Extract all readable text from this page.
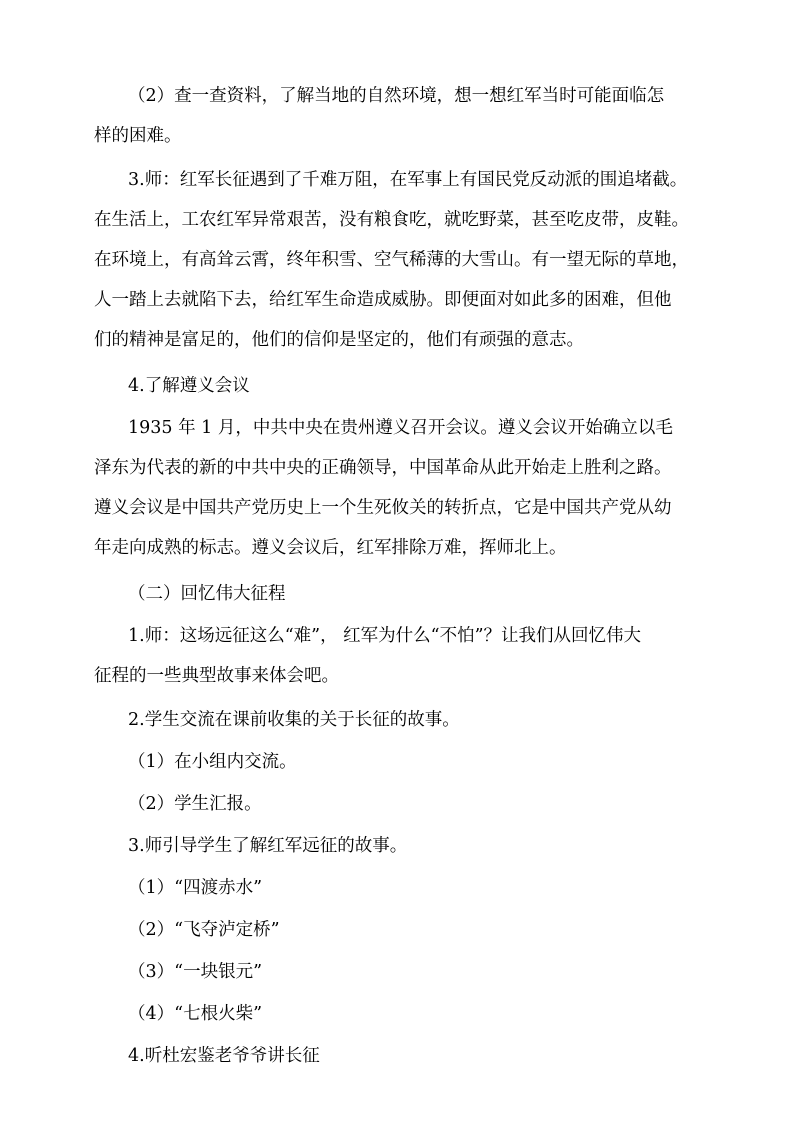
（2）查一查资料，了解当地的自然环境，想一想红军当时可能面临怎
样的困难。
3.师：红军长征遇到了千难万阻，在军事上有国民党反动派的围追堵截。
在生活上，工农红军异常艰苦，没有粮食吃，就吃野菜，甚至吃皮带，皮鞋。
在环境上，有高耸云霄，终年积雪、空气稀薄的大雪山。有一望无际的草地，
人一踏上去就陷下去，给红军生命造成威胁。即便面对如此多的困难，但他
们的精神是富足的，他们的信仰是坚定的，他们有顽强的意志。
4.了解遵义会议
1935 年 1 月，中共中央在贵州遵义召开会议。遵义会议开始确立以毛
泽东为代表的新的中共中央的正确领导，中国革命从此开始走上胜利之路。
遵义会议是中国共产党历史上一个生死攸关的转折点，它是中国共产党从幼
年走向成熟的标志。遵义会议后，红军排除万难，挥师北上。
（二）回忆伟大征程
1.师：这场远征这么“难”， 红军为什么“不怕”？让我们从回忆伟大
征程的一些典型故事来体会吧。
2.学生交流在课前收集的关于长征的故事。
（1）在小组内交流。
（2）学生汇报。
3.师引导学生了解红军远征的故事。
（1）“四渡赤水”
（2）“飞夺泸定桥”
（3）“一块银元”
（4）“七根火柴”
4.听杜宏鉴老爷爷讲长征
